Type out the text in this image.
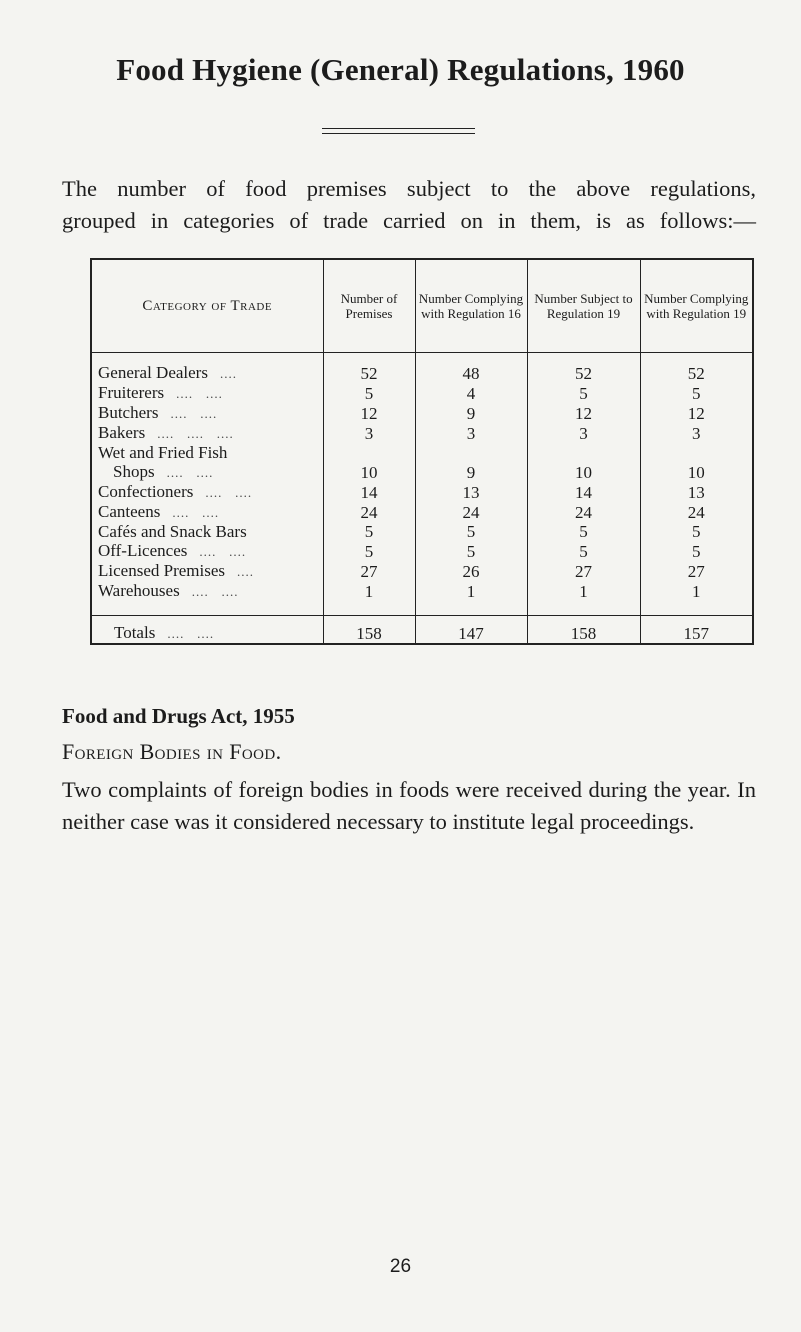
Food Hygiene (General) Regulations, 1960
The number of food premises subject to the above regulations,
grouped in categories of trade carried on in them, is as follows:—
Category of Trade	Number of Premises	Number Complying with Regulation 16	Number Subject to Regulation 19	Number Complying with Regulation 19
General Dealers ....	52	48	52	52
Fruiterers ....   ....	5	4	5	5
Butchers ....   ....	12	9	12	12
Bakers ....   ....   ....	3	3	3	3
Wet and Fried Fish
Shops ....   ....	10	9	10	10
Confectioners ....   ....	14	13	14	13
Canteens ....   ....	24	24	24	24
Cafés and Snack Bars	5	5	5	5
Off-Licences ....   ....	5	5	5	5
Licensed Premises ....	27	26	27	27
Warehouses ....   ....	1	1	1	1

Totals ....   ....	158	147	158	157
Food and Drugs Act, 1955
Foreign Bodies in Food.
Two complaints of foreign bodies in foods were received during the year. In neither case was it considered necessary to institute legal proceedings.
26
